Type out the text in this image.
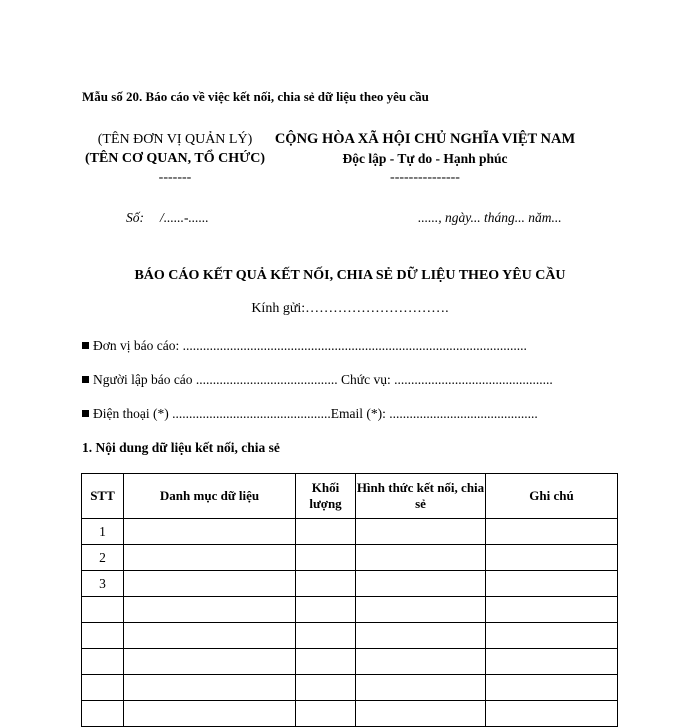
Mẫu số 20. Báo cáo về việc kết nối, chia sẻ dữ liệu theo yêu cầu
(TÊN ĐƠN VỊ QUẢN LÝ)
(TÊN CƠ QUAN, TỔ CHỨC)
-------
CỘNG HÒA XÃ HỘI CHỦ NGHĨA VIỆT NAM
Độc lập - Tự do - Hạnh phúc
---------------
Số: /......-......	......, ngày... tháng... năm...
BÁO CÁO KẾT QUẢ KẾT NỐI, CHIA SẺ DỮ LIỆU THEO YÊU CẦU
Kính gửi:………………………….
Đơn vị báo cáo: ......................................................................................................
Người lập báo cáo .......................................... Chức vụ: ...............................................
Điện thoại (*) ...............................................Email (*): ............................................
1. Nội dung dữ liệu kết nối, chia sẻ
STT	Danh mục dữ liệu	Khối lượng	Hình thức kết nối, chia sẻ	Ghi chú
1				
2				
3				
